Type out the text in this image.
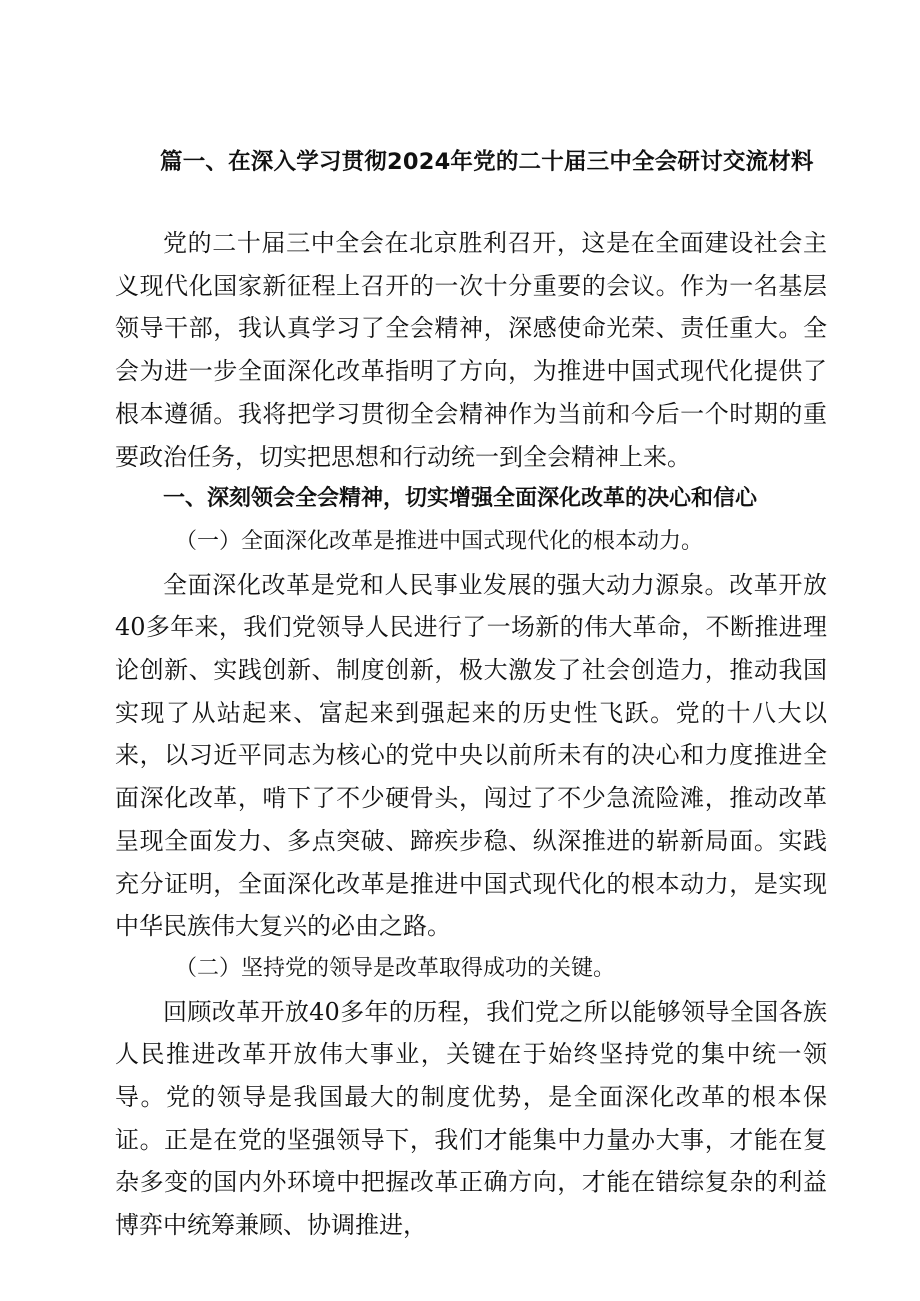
篇一、在深入学习贯彻2024年党的二十届三中全会研讨交流材料

党的二十届三中全会在北京胜利召开，这是在全面建设社会主义现代化国家新征程上召开的一次十分重要的会议。作为一名基层领导干部，我认真学习了全会精神，深感使命光荣、责任重大。全会为进一步全面深化改革指明了方向，为推进中国式现代化提供了根本遵循。我将把学习贯彻全会精神作为当前和今后一个时期的重要政治任务，切实把思想和行动统一到全会精神上来。

一、深刻领会全会精神，切实增强全面深化改革的决心和信心

（一）全面深化改革是推进中国式现代化的根本动力。

全面深化改革是党和人民事业发展的强大动力源泉。改革开放40多年来，我们党领导人民进行了一场新的伟大革命，不断推进理论创新、实践创新、制度创新，极大激发了社会创造力，推动我国实现了从站起来、富起来到强起来的历史性飞跃。党的十八大以来，以习近平同志为核心的党中央以前所未有的决心和力度推进全面深化改革，啃下了不少硬骨头，闯过了不少急流险滩，推动改革呈现全面发力、多点突破、蹄疾步稳、纵深推进的崭新局面。实践充分证明，全面深化改革是推进中国式现代化的根本动力，是实现中华民族伟大复兴的必由之路。

（二）坚持党的领导是改革取得成功的关键。

回顾改革开放40多年的历程，我们党之所以能够领导全国各族人民推进改革开放伟大事业，关键在于始终坚持党的集中统一领导。党的领导是我国最大的制度优势，是全面深化改革的根本保证。正是在党的坚强领导下，我们才能集中力量办大事，才能在复杂多变的国内外环境中把握改革正确方向，才能在错综复杂的利益博弈中统筹兼顾、协调推进，
